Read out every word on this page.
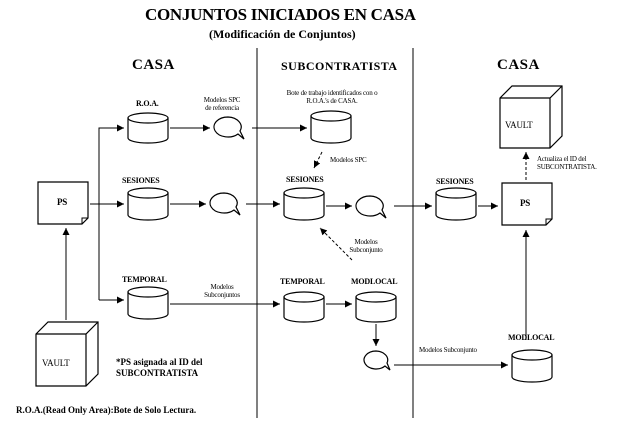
CONJUNTOS INICIADOS EN CASA
(Modificación de Conjuntos)
CASA	SUBCONTRATISTA	CASA
R.O.A.
SESIONES
TEMPORAL
PS
VAULT
SESIONES
TEMPORAL	MODLOCAL
SESIONES
PS
VAULT
MODLOCAL
Modelos SPC
de referencia
Bote de trabajo identificados con o
R.O.A.'s de CASA.
Modelos SPC
Modelos
Subconjunto
Modelos
Subconjuntos
Actualiza el ID del
SUBCONTRATISTA.
Modelos Subconjunto
*PS asignada al ID del
SUBCONTRATISTA
R.O.A.(Read Only Area):Bote de Solo Lectura.
